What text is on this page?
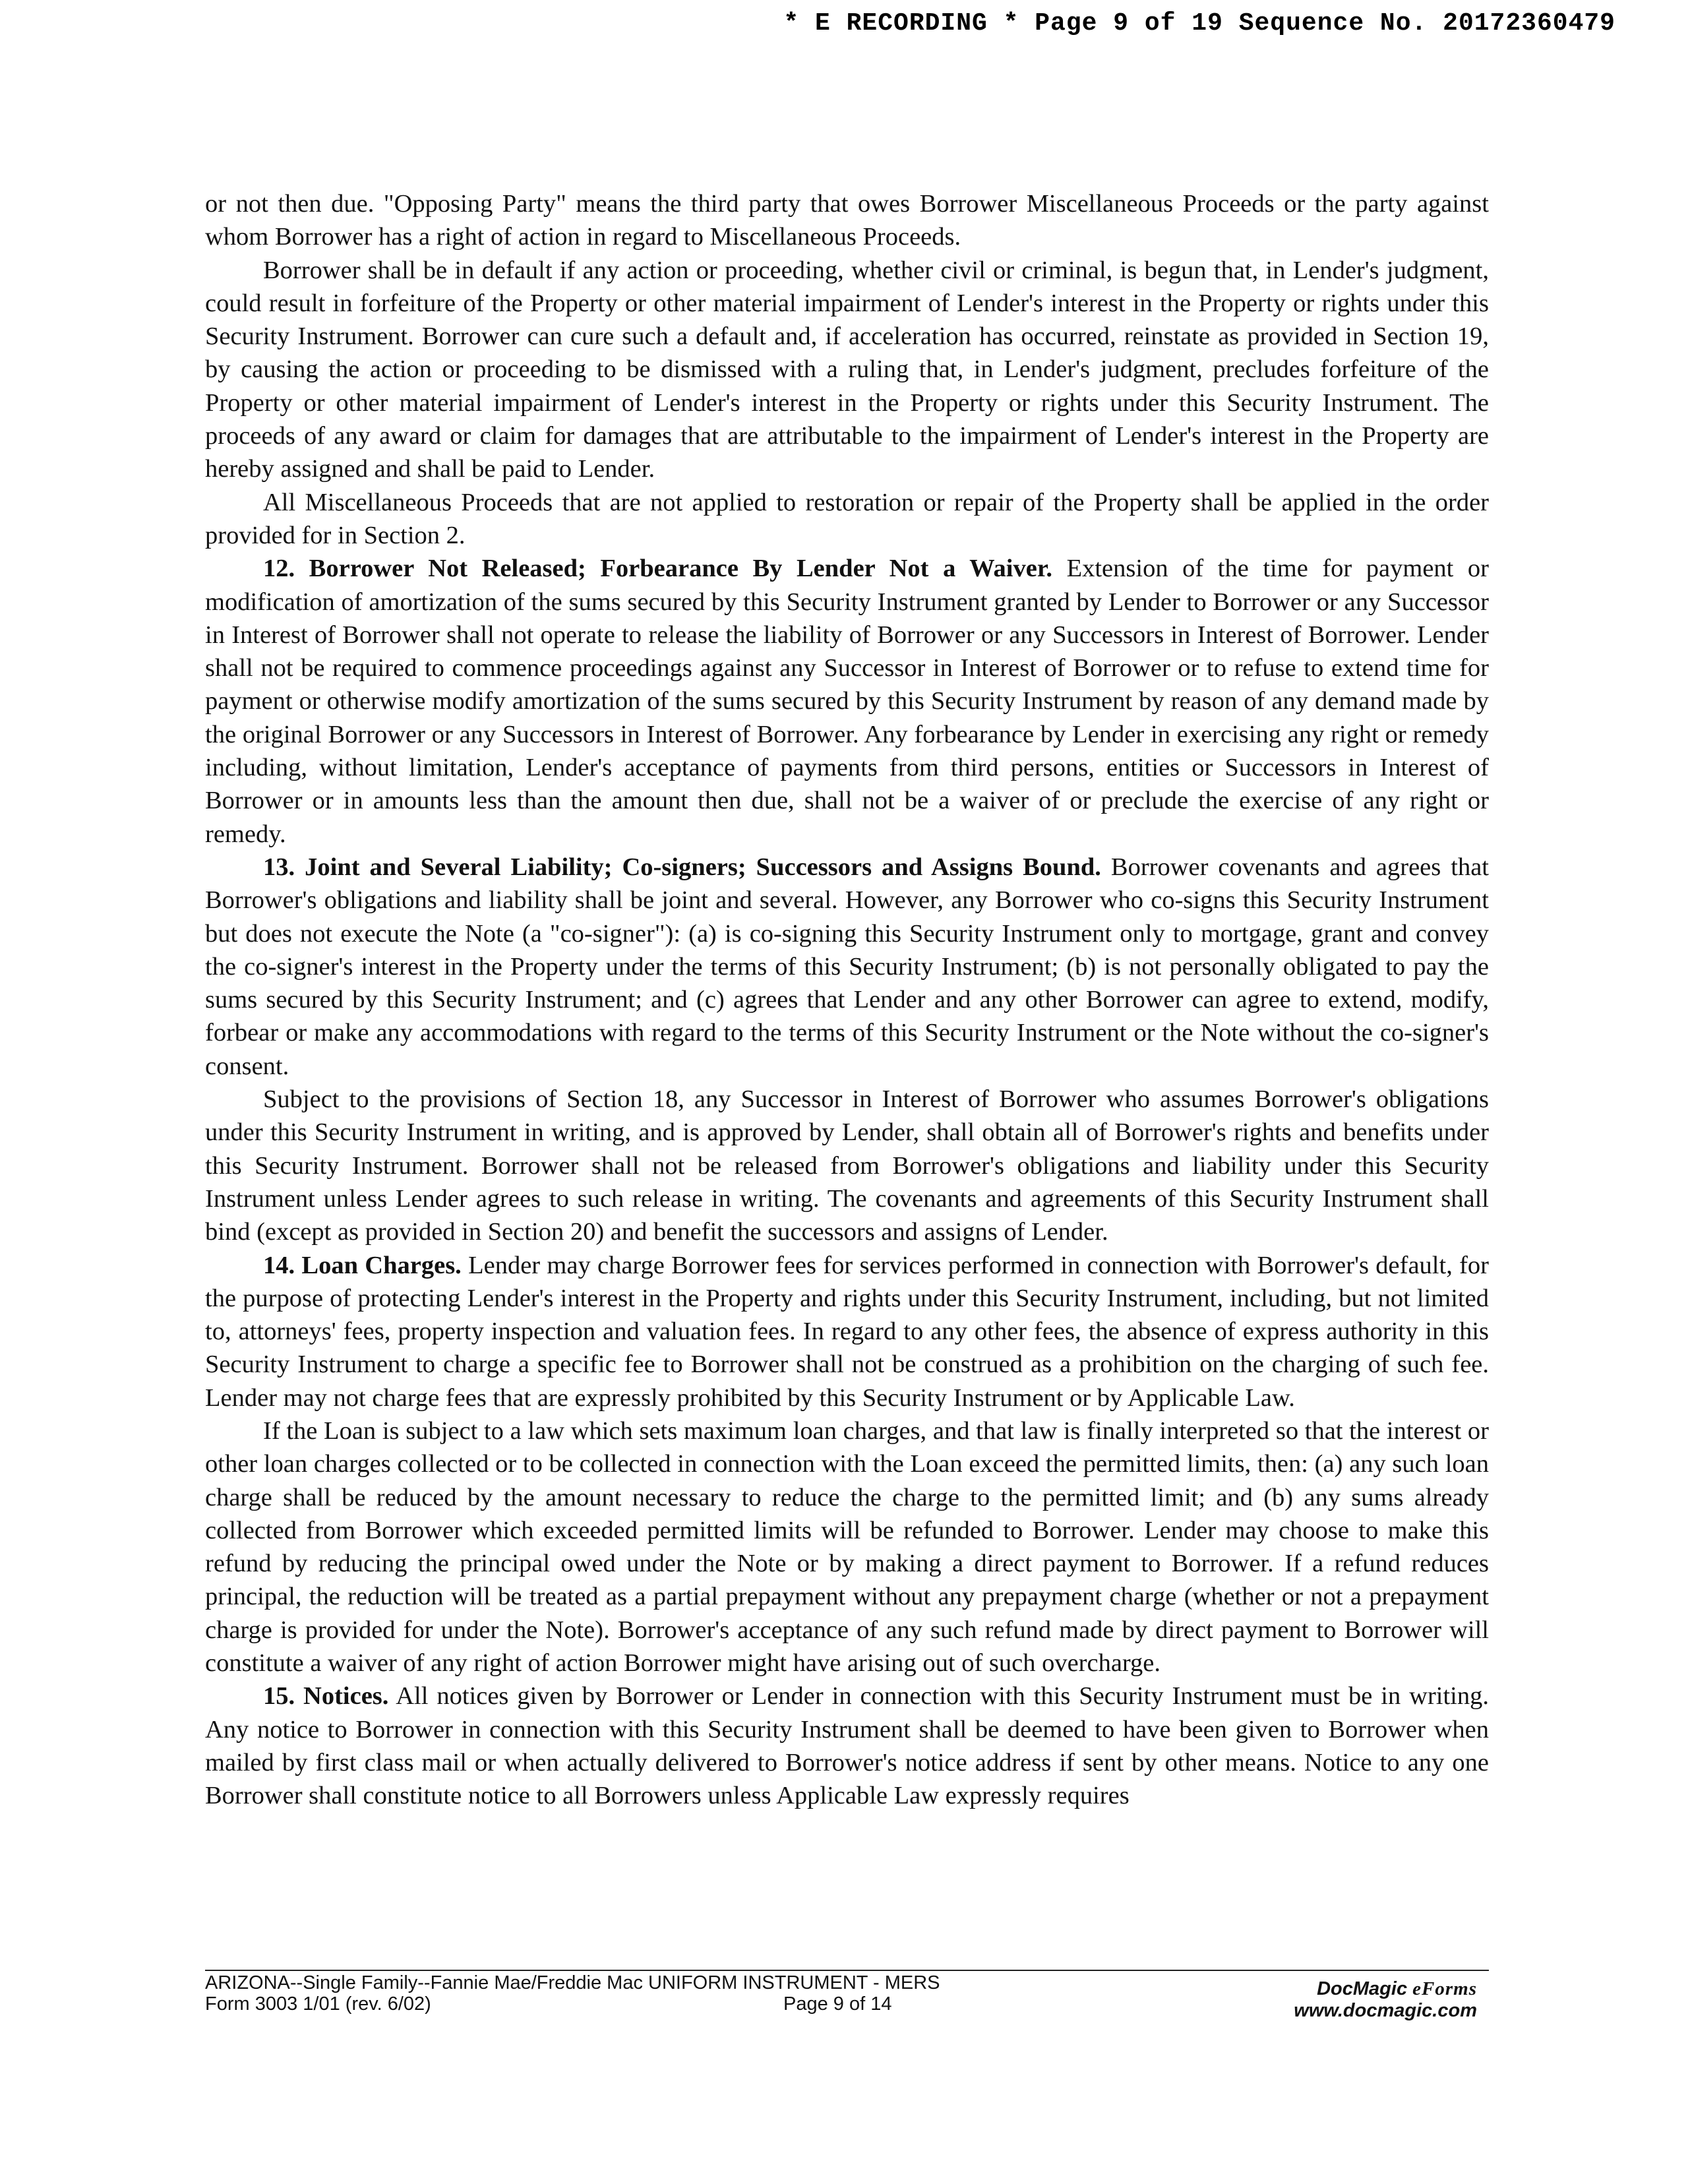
* E RECORDING * Page 9 of 19 Sequence No. 20172360479

or not then due. "Opposing Party" means the third party that owes Borrower Miscellaneous Proceeds or the party against whom Borrower has a right of action in regard to Miscellaneous Proceeds.

Borrower shall be in default if any action or proceeding, whether civil or criminal, is begun that, in Lender's judgment, could result in forfeiture of the Property or other material impairment of Lender's interest in the Property or rights under this Security Instrument. Borrower can cure such a default and, if acceleration has occurred, reinstate as provided in Section 19, by causing the action or proceeding to be dismissed with a ruling that, in Lender's judgment, precludes forfeiture of the Property or other material impairment of Lender's interest in the Property or rights under this Security Instrument. The proceeds of any award or claim for damages that are attributable to the impairment of Lender's interest in the Property are hereby assigned and shall be paid to Lender.

All Miscellaneous Proceeds that are not applied to restoration or repair of the Property shall be applied in the order provided for in Section 2.

12. Borrower Not Released; Forbearance By Lender Not a Waiver. Extension of the time for payment or modification of amortization of the sums secured by this Security Instrument granted by Lender to Borrower or any Successor in Interest of Borrower shall not operate to release the liability of Borrower or any Successors in Interest of Borrower. Lender shall not be required to commence proceedings against any Successor in Interest of Borrower or to refuse to extend time for payment or otherwise modify amortization of the sums secured by this Security Instrument by reason of any demand made by the original Borrower or any Successors in Interest of Borrower. Any forbearance by Lender in exercising any right or remedy including, without limitation, Lender's acceptance of payments from third persons, entities or Successors in Interest of Borrower or in amounts less than the amount then due, shall not be a waiver of or preclude the exercise of any right or remedy.

13. Joint and Several Liability; Co-signers; Successors and Assigns Bound. Borrower covenants and agrees that Borrower's obligations and liability shall be joint and several. However, any Borrower who co-signs this Security Instrument but does not execute the Note (a "co-signer"): (a) is co-signing this Security Instrument only to mortgage, grant and convey the co-signer's interest in the Property under the terms of this Security Instrument; (b) is not personally obligated to pay the sums secured by this Security Instrument; and (c) agrees that Lender and any other Borrower can agree to extend, modify, forbear or make any accommodations with regard to the terms of this Security Instrument or the Note without the co-signer's consent.

Subject to the provisions of Section 18, any Successor in Interest of Borrower who assumes Borrower's obligations under this Security Instrument in writing, and is approved by Lender, shall obtain all of Borrower's rights and benefits under this Security Instrument. Borrower shall not be released from Borrower's obligations and liability under this Security Instrument unless Lender agrees to such release in writing. The covenants and agreements of this Security Instrument shall bind (except as provided in Section 20) and benefit the successors and assigns of Lender.

14. Loan Charges. Lender may charge Borrower fees for services performed in connection with Borrower's default, for the purpose of protecting Lender's interest in the Property and rights under this Security Instrument, including, but not limited to, attorneys' fees, property inspection and valuation fees. In regard to any other fees, the absence of express authority in this Security Instrument to charge a specific fee to Borrower shall not be construed as a prohibition on the charging of such fee. Lender may not charge fees that are expressly prohibited by this Security Instrument or by Applicable Law.

If the Loan is subject to a law which sets maximum loan charges, and that law is finally interpreted so that the interest or other loan charges collected or to be collected in connection with the Loan exceed the permitted limits, then: (a) any such loan charge shall be reduced by the amount necessary to reduce the charge to the permitted limit; and (b) any sums already collected from Borrower which exceeded permitted limits will be refunded to Borrower. Lender may choose to make this refund by reducing the principal owed under the Note or by making a direct payment to Borrower. If a refund reduces principal, the reduction will be treated as a partial prepayment without any prepayment charge (whether or not a prepayment charge is provided for under the Note). Borrower's acceptance of any such refund made by direct payment to Borrower will constitute a waiver of any right of action Borrower might have arising out of such overcharge.

15. Notices. All notices given by Borrower or Lender in connection with this Security Instrument must be in writing. Any notice to Borrower in connection with this Security Instrument shall be deemed to have been given to Borrower when mailed by first class mail or when actually delivered to Borrower's notice address if sent by other means. Notice to any one Borrower shall constitute notice to all Borrowers unless Applicable Law expressly requires

ARIZONA--Single Family--Fannie Mae/Freddie Mac UNIFORM INSTRUMENT - MERS
Form 3003 1/01 (rev. 6/02)	Page 9 of 14
DocMagic eForms
www.docmagic.com
